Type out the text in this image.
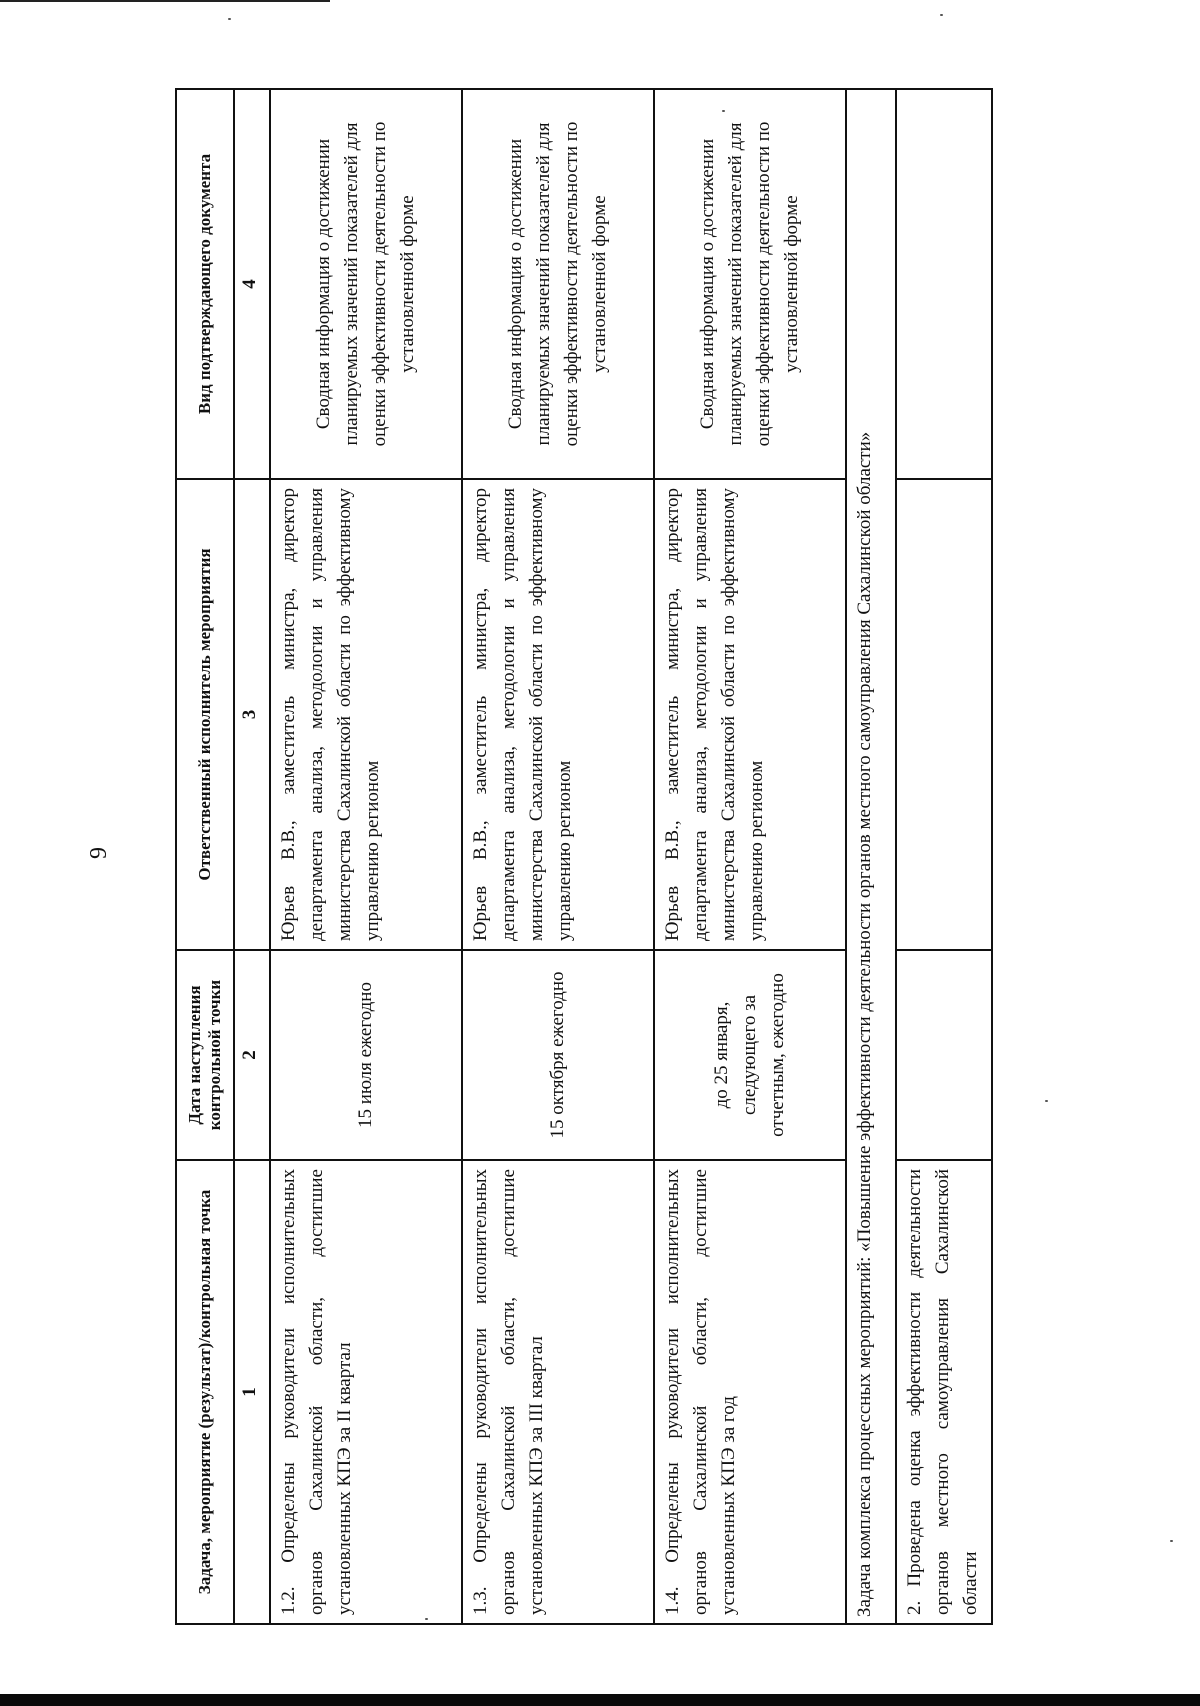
9
Задача, мероприятие (результат)/контрольная точка	Дата наступления контрольной точки	Ответственный исполнитель мероприятия	Вид подтверждающего документа
1	2	3	4
1.2. Определены руководители исполнительных органов Сахалинской области, достигшие установленных КПЭ за II квартал	15 июля ежегодно	Юрьев В.В., заместитель министра, директор департамента анализа, методологии и управления министерства Сахалинской области по эффективному управлению регионом	Сводная информация о достижении планируемых значений показателей для оценки эффективности деятельности по установленной форме
1.3. Определены руководители исполнительных органов Сахалинской области, достигшие установленных КПЭ за III квартал	15 октября ежегодно	Юрьев В.В., заместитель министра, директор департамента анализа, методологии и управления министерства Сахалинской области по эффективному управлению регионом	Сводная информация о достижении планируемых значений показателей для оценки эффективности деятельности по установленной форме
1.4. Определены руководители исполнительных органов Сахалинской области, достигшие установленных КПЭ за год	до 25 января, следующего за отчетным, ежегодно	Юрьев В.В., заместитель министра, директор департамента анализа, методологии и управления министерства Сахалинской области по эффективному управлению регионом	Сводная информация о достижении планируемых значений показателей для оценки эффективности деятельности по установленной форме
Задача комплекса процессных мероприятий: «Повышение эффективности деятельности органов местного самоуправления Сахалинской области»			
2. Проведена оценка эффективности деятельности органов местного самоуправления Сахалинской области			
